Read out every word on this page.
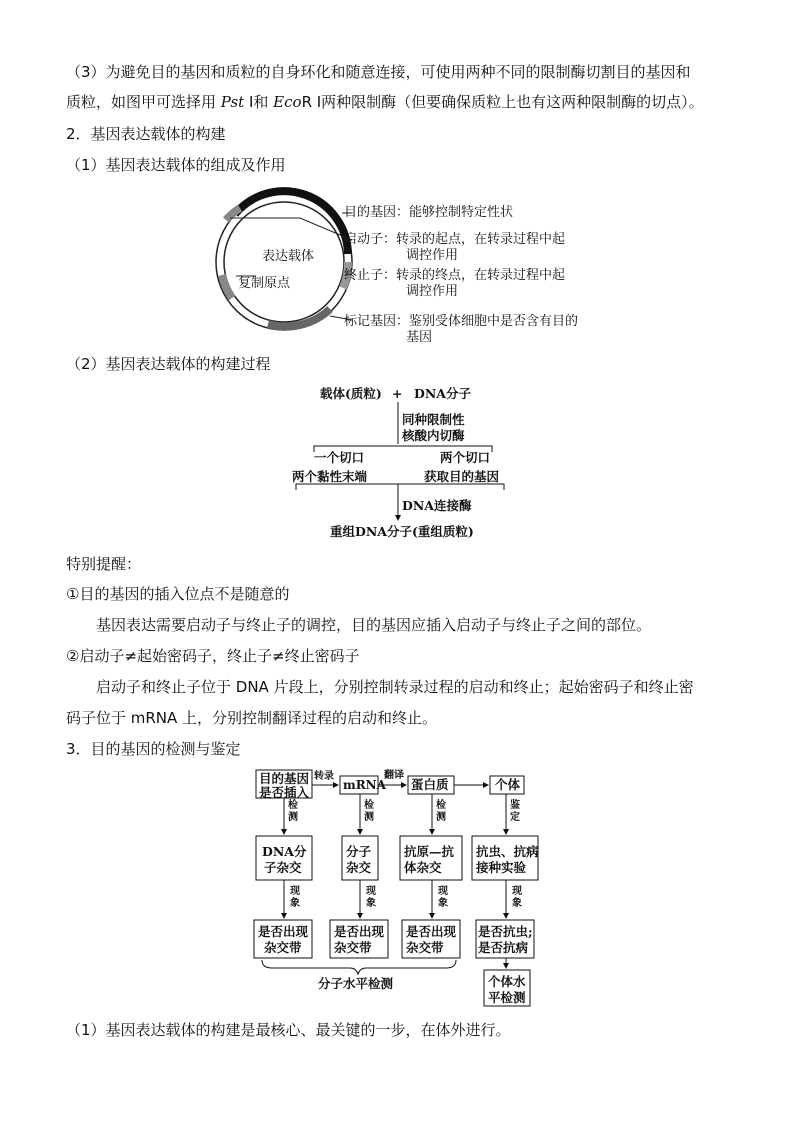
（3）为避免目的基因和质粒的自身环化和随意连接，可使用两种不同的限制酶切割目的基因和
质粒，如图甲可选择用 Pst Ⅰ和 EcoR Ⅰ两种限制酶（但要确保质粒上也有这两种限制酶的切点）。
2．基因表达载体的构建
（1）基因表达载体的组成及作用
表达载体
复制原点
目的基因：能够控制特定性状
启动子：转录的起点，在转录过程中起
调控作用
终止子：转录的终点，在转录过程中起
调控作用
标记基因：鉴别受体细胞中是否含有目的
基因
（2）基因表达载体的构建过程
载体(质粒) + DNA分子
同种限制性
核酸内切酶
一个切口	两个切口
两个黏性末端	获取目的基因
DNA连接酶
重组DNA分子(重组质粒)
特别提醒：
①目的基因的插入位点不是随意的
基因表达需要启动子与终止子的调控，目的基因应插入启动子与终止子之间的部位。
②启动子≠起始密码子，终止子≠终止密码子
启动子和终止子位于 DNA 片段上，分别控制转录过程的启动和终止；起始密码子和终止密
码子位于 mRNA 上，分别控制翻译过程的启动和终止。
3．目的基因的检测与鉴定
目的基因
是否插入
转录
mRNA
翻译
蛋白质	个体
检
测
检
测
检
测
鉴
定
DNA分
子杂交
分子
杂交
抗原—抗
体杂交
抗虫、抗病
接种实验
现
象
现
象
现
象
现
象
是否出现
杂交带
是否出现
杂交带
是否出现
杂交带
是否抗虫;
是否抗病
分子水平检测	个体水
平检测
（1）基因表达载体的构建是最核心、最关键的一步，在体外进行。
